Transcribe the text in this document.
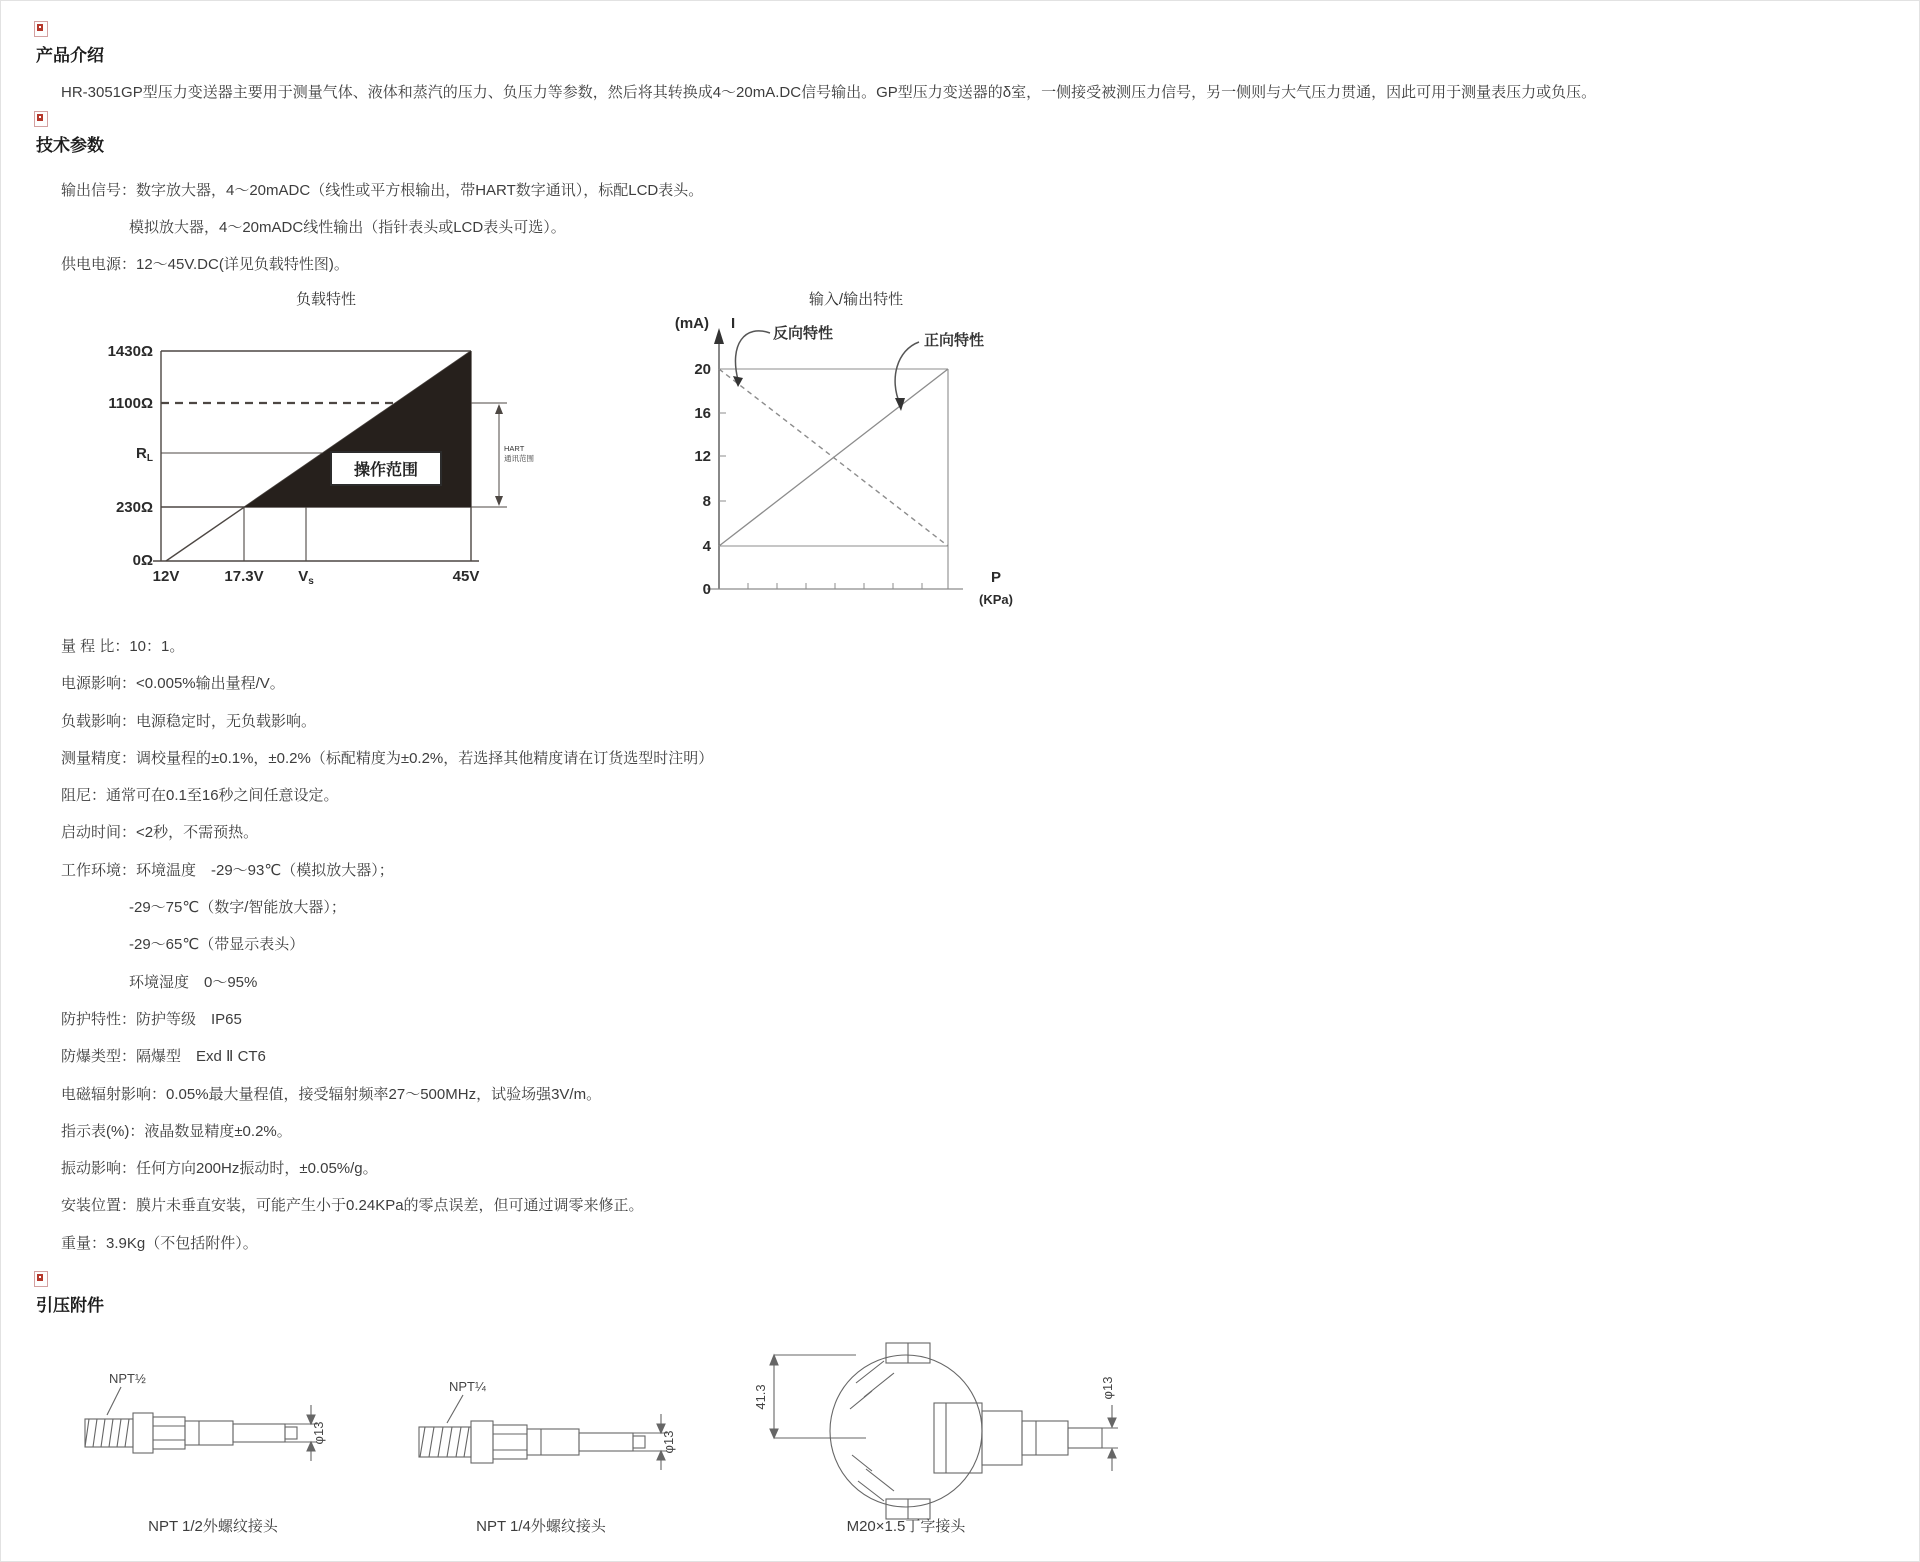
产品介绍
HR-3051GP型压力变送器主要用于测量气体、液体和蒸汽的压力、负压力等参数，然后将其转换成4～20mA.DC信号输出。GP型压力变送器的δ室，一侧接受被测压力信号，另一侧则与大气压力贯通，因此可用于测量表压力或负压。
技术参数
输出信号：数字放大器，4～20mADC（线性或平方根输出，带HART数字通讯），标配LCD表头。
模拟放大器，4～20mADC线性输出（指针表头或LCD表头可选）。
供电电源：12～45V.DC(详见负载特性图)。
负载特性
1430Ω
1100Ω
$R_L$
230Ω
0Ω
操作范围
HART
通讯范围
12V	17.3V $V_s$	45V
输入/输出特性
(mA) I
20
16
12
8
4
0
反向特性	正向特性
P
(KPa)
量 程 比：10：1。
电源影响：<0.005%输出量程/V。
负载影响：电源稳定时，无负载影响。
测量精度：调校量程的±0.1%，±0.2%（标配精度为±0.2%，若选择其他精度请在订货选型时注明）
阻尼：通常可在0.1至16秒之间任意设定。
启动时间：<2秒，不需预热。
工作环境：环境温度　-29～93℃（模拟放大器）；
-29～75℃（数字/智能放大器）；
-29～65℃（带显示表头）
环境湿度　0～95%
防护特性：防护等级　IP65
防爆类型：隔爆型　Exd Ⅱ CT6
电磁辐射影响：0.05%最大量程值，接受辐射频率27～500MHz，试验场强3V/m。
指示表(%)：液晶数显精度±0.2%。
振动影响：任何方向200Hz振动时，±0.05%/g。
安装位置：膜片未垂直安装，可能产生小于0.24KPa的零点误差，但可通过调零来修正。
重量：3.9Kg（不包括附件）。
引压附件
NPT½
φ13
NPT¼
φ13
41.3	φ13
NPT 1/2外螺纹接头	NPT 1/4外螺纹接头	M20×1.5丁字接头
